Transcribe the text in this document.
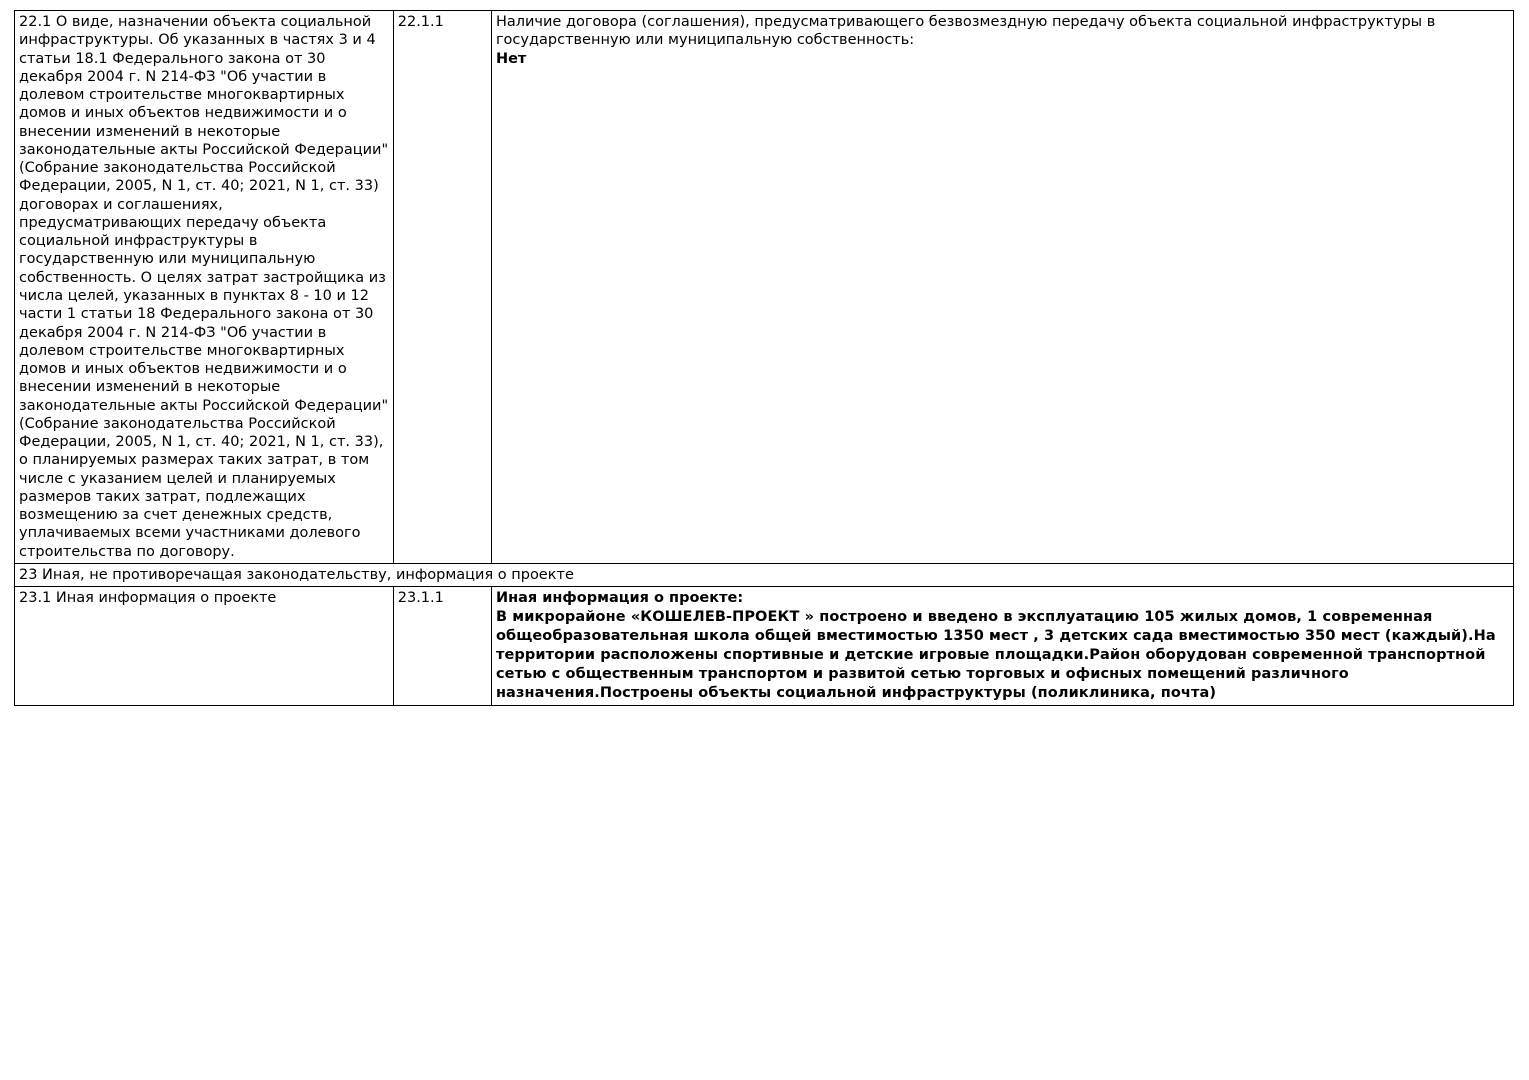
22.1 О виде, назначении объекта социальной инфраструктуры. Об указанных в частях 3 и 4 статьи 18.1 Федерального закона от 30 декабря 2004 г. N 214-ФЗ "Об участии в долевом строительстве многоквартирных домов и иных объектов недвижимости и о внесении изменений в некоторые законодательные акты Российской Федерации" (Собрание законодательства Российской Федерации, 2005, N 1, ст. 40; 2021, N 1, ст. 33) договорах и соглашениях, предусматривающих передачу объекта социальной инфраструктуры в государственную или муниципальную собственность. О целях затрат застройщика из числа целей, указанных в пунктах 8 - 10 и 12 части 1 статьи 18 Федерального закона от 30 декабря 2004 г. N 214-ФЗ "Об участии в долевом строительстве многоквартирных домов и иных объектов недвижимости и о внесении изменений в некоторые законодательные акты Российской Федерации" (Собрание законодательства Российской Федерации, 2005, N 1, ст. 40; 2021, N 1, ст. 33), о планируемых размерах таких затрат, в том числе с указанием целей и планируемых размеров таких затрат, подлежащих возмещению за счет денежных средств, уплачиваемых всеми участниками долевого строительства по договору.	22.1.1	Наличие договора (соглашения), предусматривающего безвозмездную передачу объекта социальной инфраструктуры в государственную или муниципальную собственность:
Нет

23 Иная, не противоречащая законодательству, информация о проекте		
23.1 Иная информация о проекте	23.1.1	Иная информация о проекте:
В микрорайоне «КОШЕЛЕВ-ПРОЕКТ » построено и введено в эксплуатацию 105 жилых домов, 1 современная общеобразовательная школа общей вместимостью 1350 мест , 3 детских сада вместимостью 350 мест (каждый).На территории расположены спортивные и детские игровые площадки.Район оборудован современной транспортной сетью с общественным транспортом и развитой сетью торговых и офисных помещений различного назначения.Построены объекты социальной инфраструктуры (поликлиника, почта)
